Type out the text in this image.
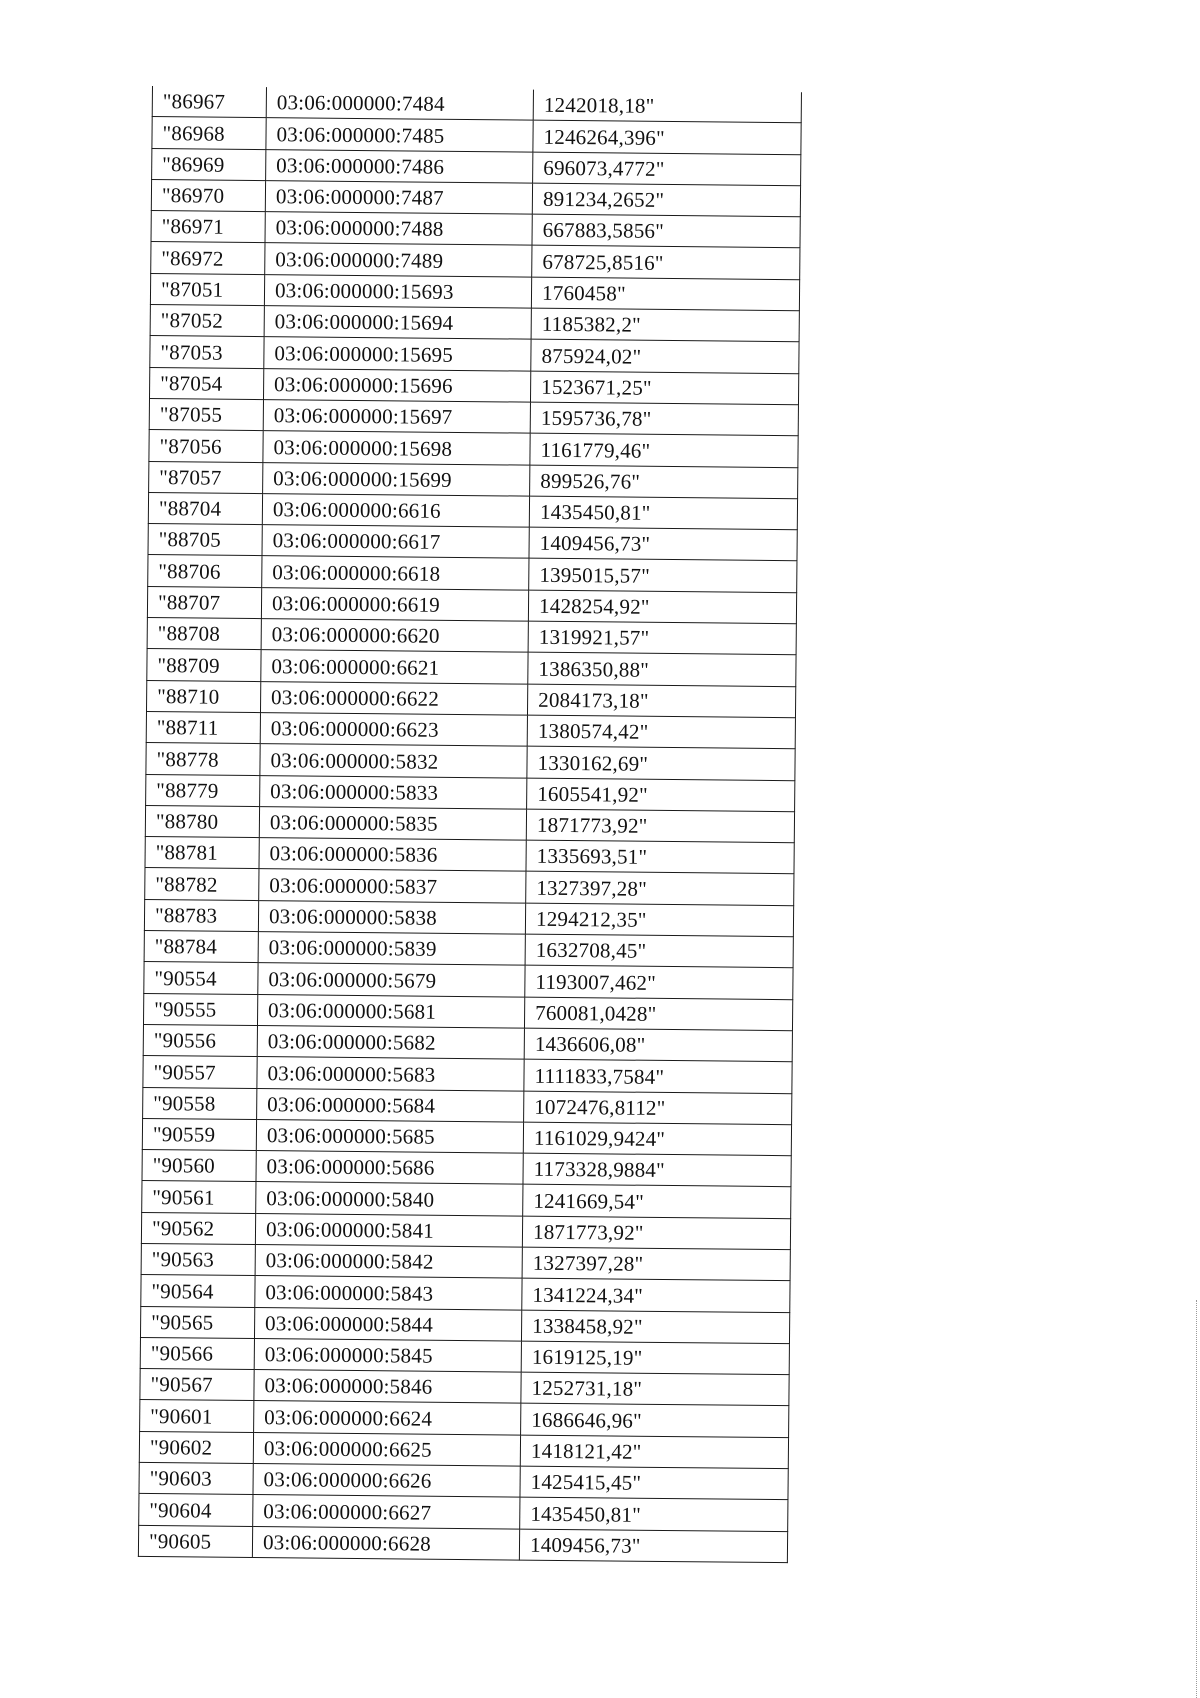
"86967	03:06:000000:7484	1242018,18"
"86968	03:06:000000:7485	1246264,396"
"86969	03:06:000000:7486	696073,4772"
"86970	03:06:000000:7487	891234,2652"
"86971	03:06:000000:7488	667883,5856"
"86972	03:06:000000:7489	678725,8516"
"87051	03:06:000000:15693	1760458"
"87052	03:06:000000:15694	1185382,2"
"87053	03:06:000000:15695	875924,02"
"87054	03:06:000000:15696	1523671,25"
"87055	03:06:000000:15697	1595736,78"
"87056	03:06:000000:15698	1161779,46"
"87057	03:06:000000:15699	899526,76"
"88704	03:06:000000:6616	1435450,81"
"88705	03:06:000000:6617	1409456,73"
"88706	03:06:000000:6618	1395015,57"
"88707	03:06:000000:6619	1428254,92"
"88708	03:06:000000:6620	1319921,57"
"88709	03:06:000000:6621	1386350,88"
"88710	03:06:000000:6622	2084173,18"
"88711	03:06:000000:6623	1380574,42"
"88778	03:06:000000:5832	1330162,69"
"88779	03:06:000000:5833	1605541,92"
"88780	03:06:000000:5835	1871773,92"
"88781	03:06:000000:5836	1335693,51"
"88782	03:06:000000:5837	1327397,28"
"88783	03:06:000000:5838	1294212,35"
"88784	03:06:000000:5839	1632708,45"
"90554	03:06:000000:5679	1193007,462"
"90555	03:06:000000:5681	760081,0428"
"90556	03:06:000000:5682	1436606,08"
"90557	03:06:000000:5683	1111833,7584"
"90558	03:06:000000:5684	1072476,8112"
"90559	03:06:000000:5685	1161029,9424"
"90560	03:06:000000:5686	1173328,9884"
"90561	03:06:000000:5840	1241669,54"
"90562	03:06:000000:5841	1871773,92"
"90563	03:06:000000:5842	1327397,28"
"90564	03:06:000000:5843	1341224,34"
"90565	03:06:000000:5844	1338458,92"
"90566	03:06:000000:5845	1619125,19"
"90567	03:06:000000:5846	1252731,18"
"90601	03:06:000000:6624	1686646,96"
"90602	03:06:000000:6625	1418121,42"
"90603	03:06:000000:6626	1425415,45"
"90604	03:06:000000:6627	1435450,81"
"90605	03:06:000000:6628	1409456,73"
